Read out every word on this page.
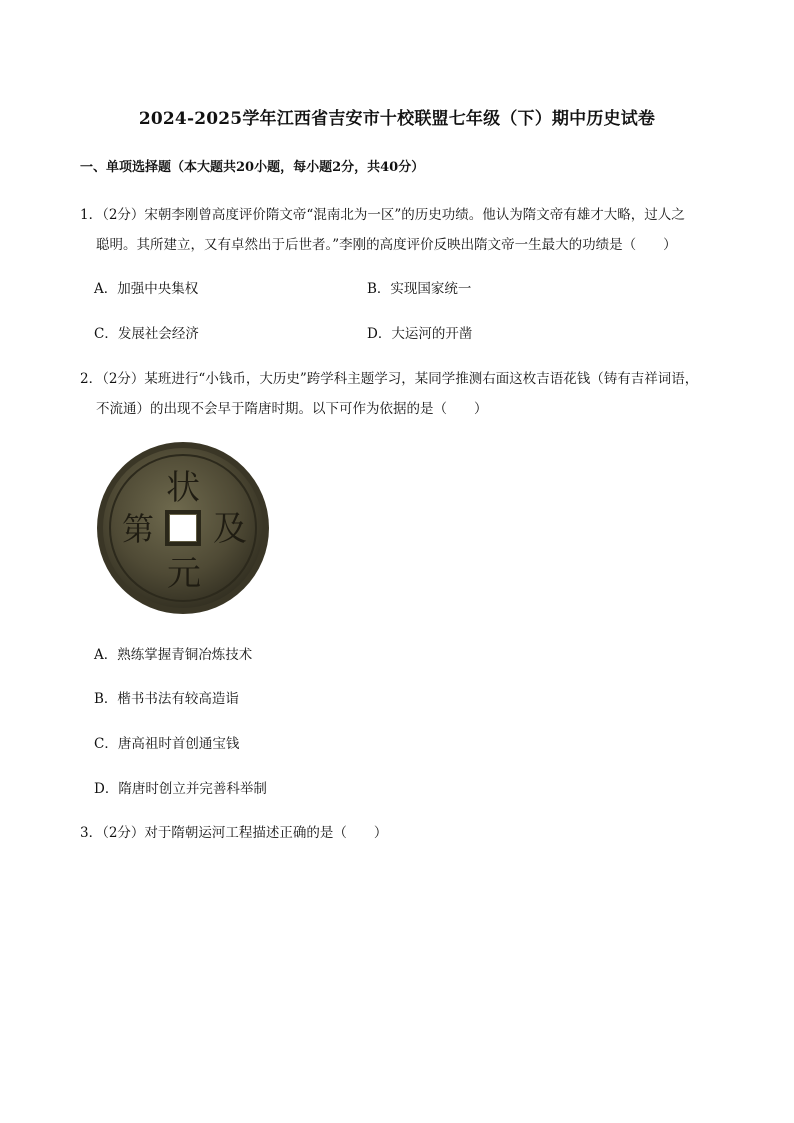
2024-2025学年江西省吉安市十校联盟七年级（下）期中历史试卷
一、单项选择题（本大题共20小题，每小题2分，共40分）
1．（2分）宋朝李刚曾高度评价隋文帝“混南北为一区”的历史功绩。他认为隋文帝有雄才大略，过人之
聪明。其所建立，又有卓然出于后世者。”李刚的高度评价反映出隋文帝一生最大的功绩是（　　）
A．加强中央集权	B．实现国家统一
C．发展社会经济	D．大运河的开凿
2．（2分）某班进行“小钱币，大历史”跨学科主题学习，某同学推测右面这枚吉语花钱（铸有吉祥词语，
不流通）的出现不会早于隋唐时期。以下可作为依据的是（　　）
状
及
元
第
A．熟练掌握青铜冶炼技术
B．楷书书法有较高造诣
C．唐高祖时首创通宝钱
D．隋唐时创立并完善科举制
3．（2分）对于隋朝运河工程描述正确的是（　　）
